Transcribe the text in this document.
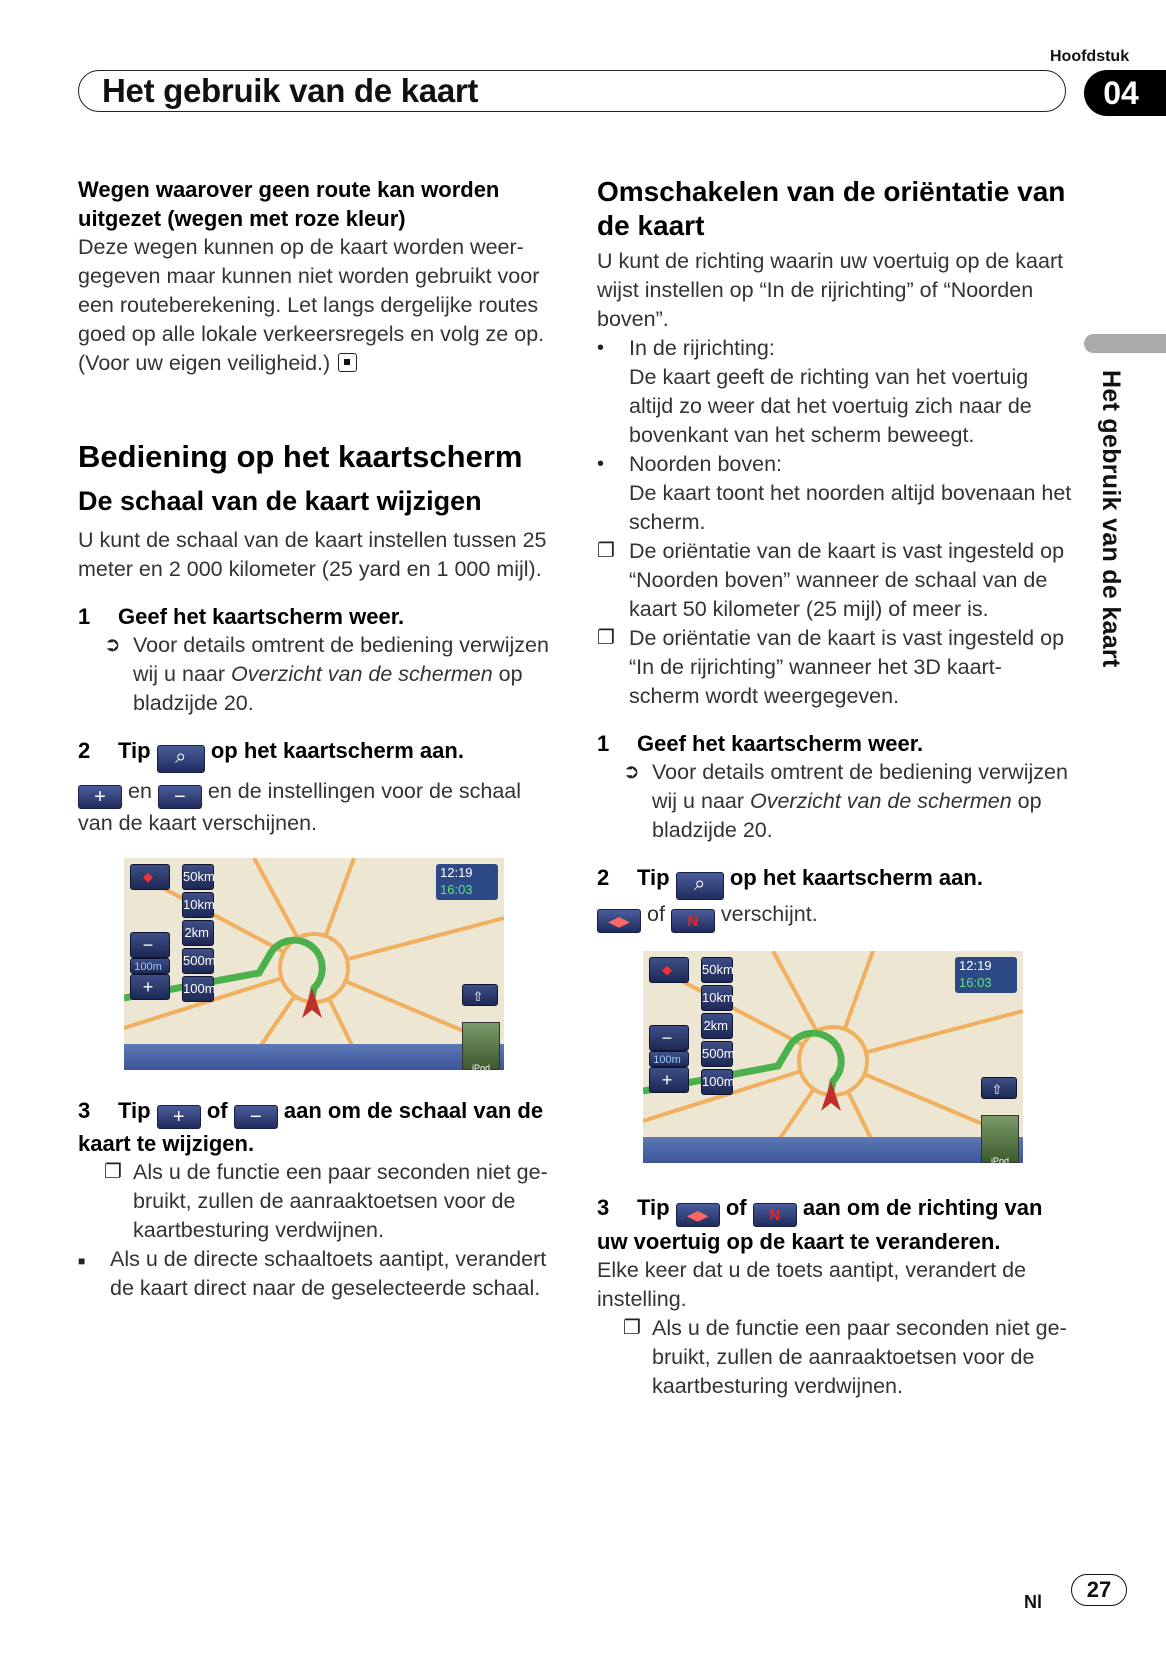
Hoofdstuk
Het gebruik van de kaart	04
Het gebruik van de kaart

Wegen waarover geen route kan worden uitgezet (wegen met roze kleur)

Deze wegen kunnen op de kaart worden weer-gegeven maar kunnen niet worden gebruikt voor een routeberekening. Let langs dergelijke routes goed op alle lokale verkeersregels en volg ze op. (Voor uw eigen veiligheid.)

Bediening op het kaartscherm

De schaal van de kaart wijzigen

U kunt de schaal van de kaart instellen tussen 25 meter en 2 000 kilometer (25 yard en 1 000 mijl).

1 Geef het kaartscherm weer.

➲ Voor details omtrent de bediening verwijzen wij u naar Overzicht van de schermen op bladzijde 20.

2 Tip ⌕ op het kaartscherm aan.

+ en − en de instellingen voor de schaal van de kaart verschijnen.

◆	50km
10km
2km
500m
100m
−
100m
+
12:19
16:03
⇧
iPod

3 Tip + of − aan om de schaal van de kaart te wijzigen.

❐ Als u de functie een paar seconden niet ge-bruikt, zullen de aanraaktoetsen voor de kaartbesturing verdwijnen.

■ Als u de directe schaaltoets aantipt, verandert de kaart direct naar de geselecteerde schaal.

Omschakelen van de oriëntatie van de kaart

U kunt de richting waarin uw voertuig op de kaart wijst instellen op “In de rijrichting” of “Noorden boven”.

• In de rijrichting:
De kaart geeft de richting van het voertuig altijd zo weer dat het voertuig zich naar de bovenkant van het scherm beweegt.
• Noorden boven:
De kaart toont het noorden altijd bovenaan het scherm.
❐ De oriëntatie van de kaart is vast ingesteld op “Noorden boven” wanneer de schaal van de kaart 50 kilometer (25 mijl) of meer is.
❐ De oriëntatie van de kaart is vast ingesteld op “In de rijrichting” wanneer het 3D kaart-scherm wordt weergegeven.

1 Geef het kaartscherm weer.

➲ Voor details omtrent de bediening verwijzen wij u naar Overzicht van de schermen op bladzijde 20.

2 Tip ⌕ op het kaartscherm aan.

◀▶ of N verschijnt.

◆	50km
10km
2km
500m
100m
−
100m
+
12:19
16:03
⇧
iPod

3 Tip ◀▶ of N aan om de richting van uw voertuig op de kaart te veranderen.

Elke keer dat u de toets aantipt, verandert de instelling.

❐ Als u de functie een paar seconden niet ge-bruikt, zullen de aanraaktoetsen voor de kaartbesturing verdwijnen.

Nl	27
